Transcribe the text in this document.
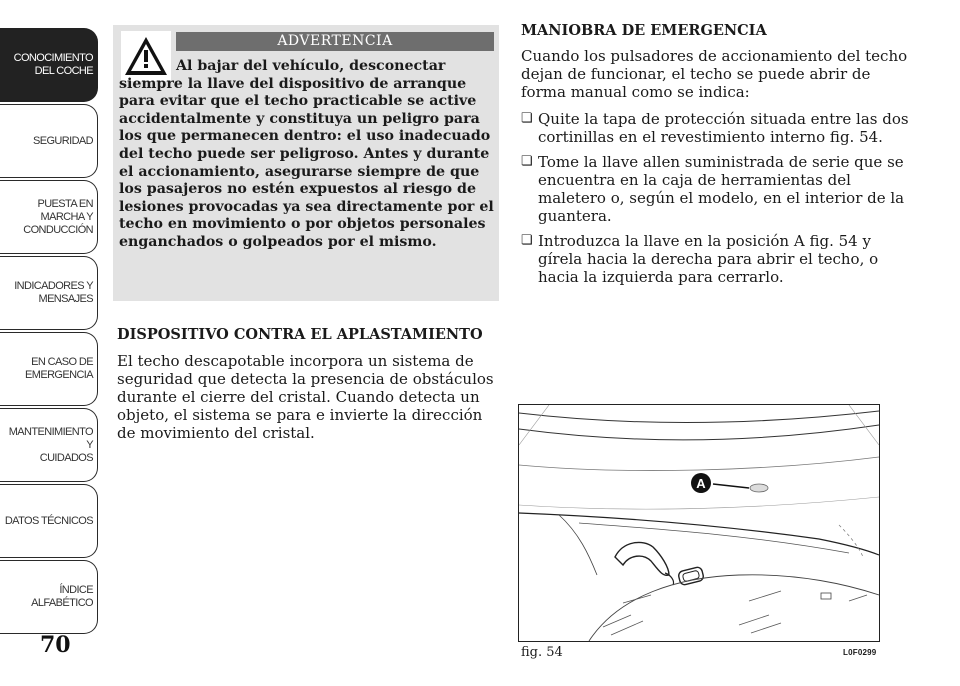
CONOCIMIENTO
DEL COCHE
SEGURIDAD
PUESTA EN
MARCHA Y
CONDUCCIÓN
INDICADORES Y
MENSAJES
EN CASO DE
EMERGENCIA
MANTENIMIENTO Y
CUIDADOS
DATOS TÉCNICOS
ÍNDICE
ALFABÉTICO
70
ADVERTENCIA
Al bajar del vehículo, desconectar
siempre la llave del dispositivo de arranque para evitar que el techo practicable se active accidentalmente y constituya un peligro para los que permanecen dentro: el uso inadecuado del techo puede ser peligroso. Antes y durante el accionamiento, asegurarse siempre de que los pasajeros no estén expuestos al riesgo de lesiones provocadas ya sea directamente por el techo en movimiento o por objetos personales enganchados o golpeados por el mismo.
DISPOSITIVO CONTRA EL APLASTAMIENTO

El techo descapotable incorpora un sistema de seguridad que detecta la presencia de obstáculos durante el cierre del cristal. Cuando detecta un objeto, el sistema se para e invierte la dirección de movimiento del cristal.

MANIOBRA DE EMERGENCIA

Cuando los pulsadores de accionamiento del techo dejan de funcionar, el techo se puede abrir de forma manual como se indica:

❏ Quite la tapa de protección situada entre las dos cortinillas en el revestimiento interno fig. 54.
❏ Tome la llave allen suministrada de serie que se encuentra en la caja de herramientas del maletero o, según el modelo, en el interior de la guantera.
❏ Introduzca la llave en la posición A fig. 54 y gírela hacia la derecha para abrir el techo, o hacia la izquierda para cerrarlo.
A
fig. 54	L0F0299
